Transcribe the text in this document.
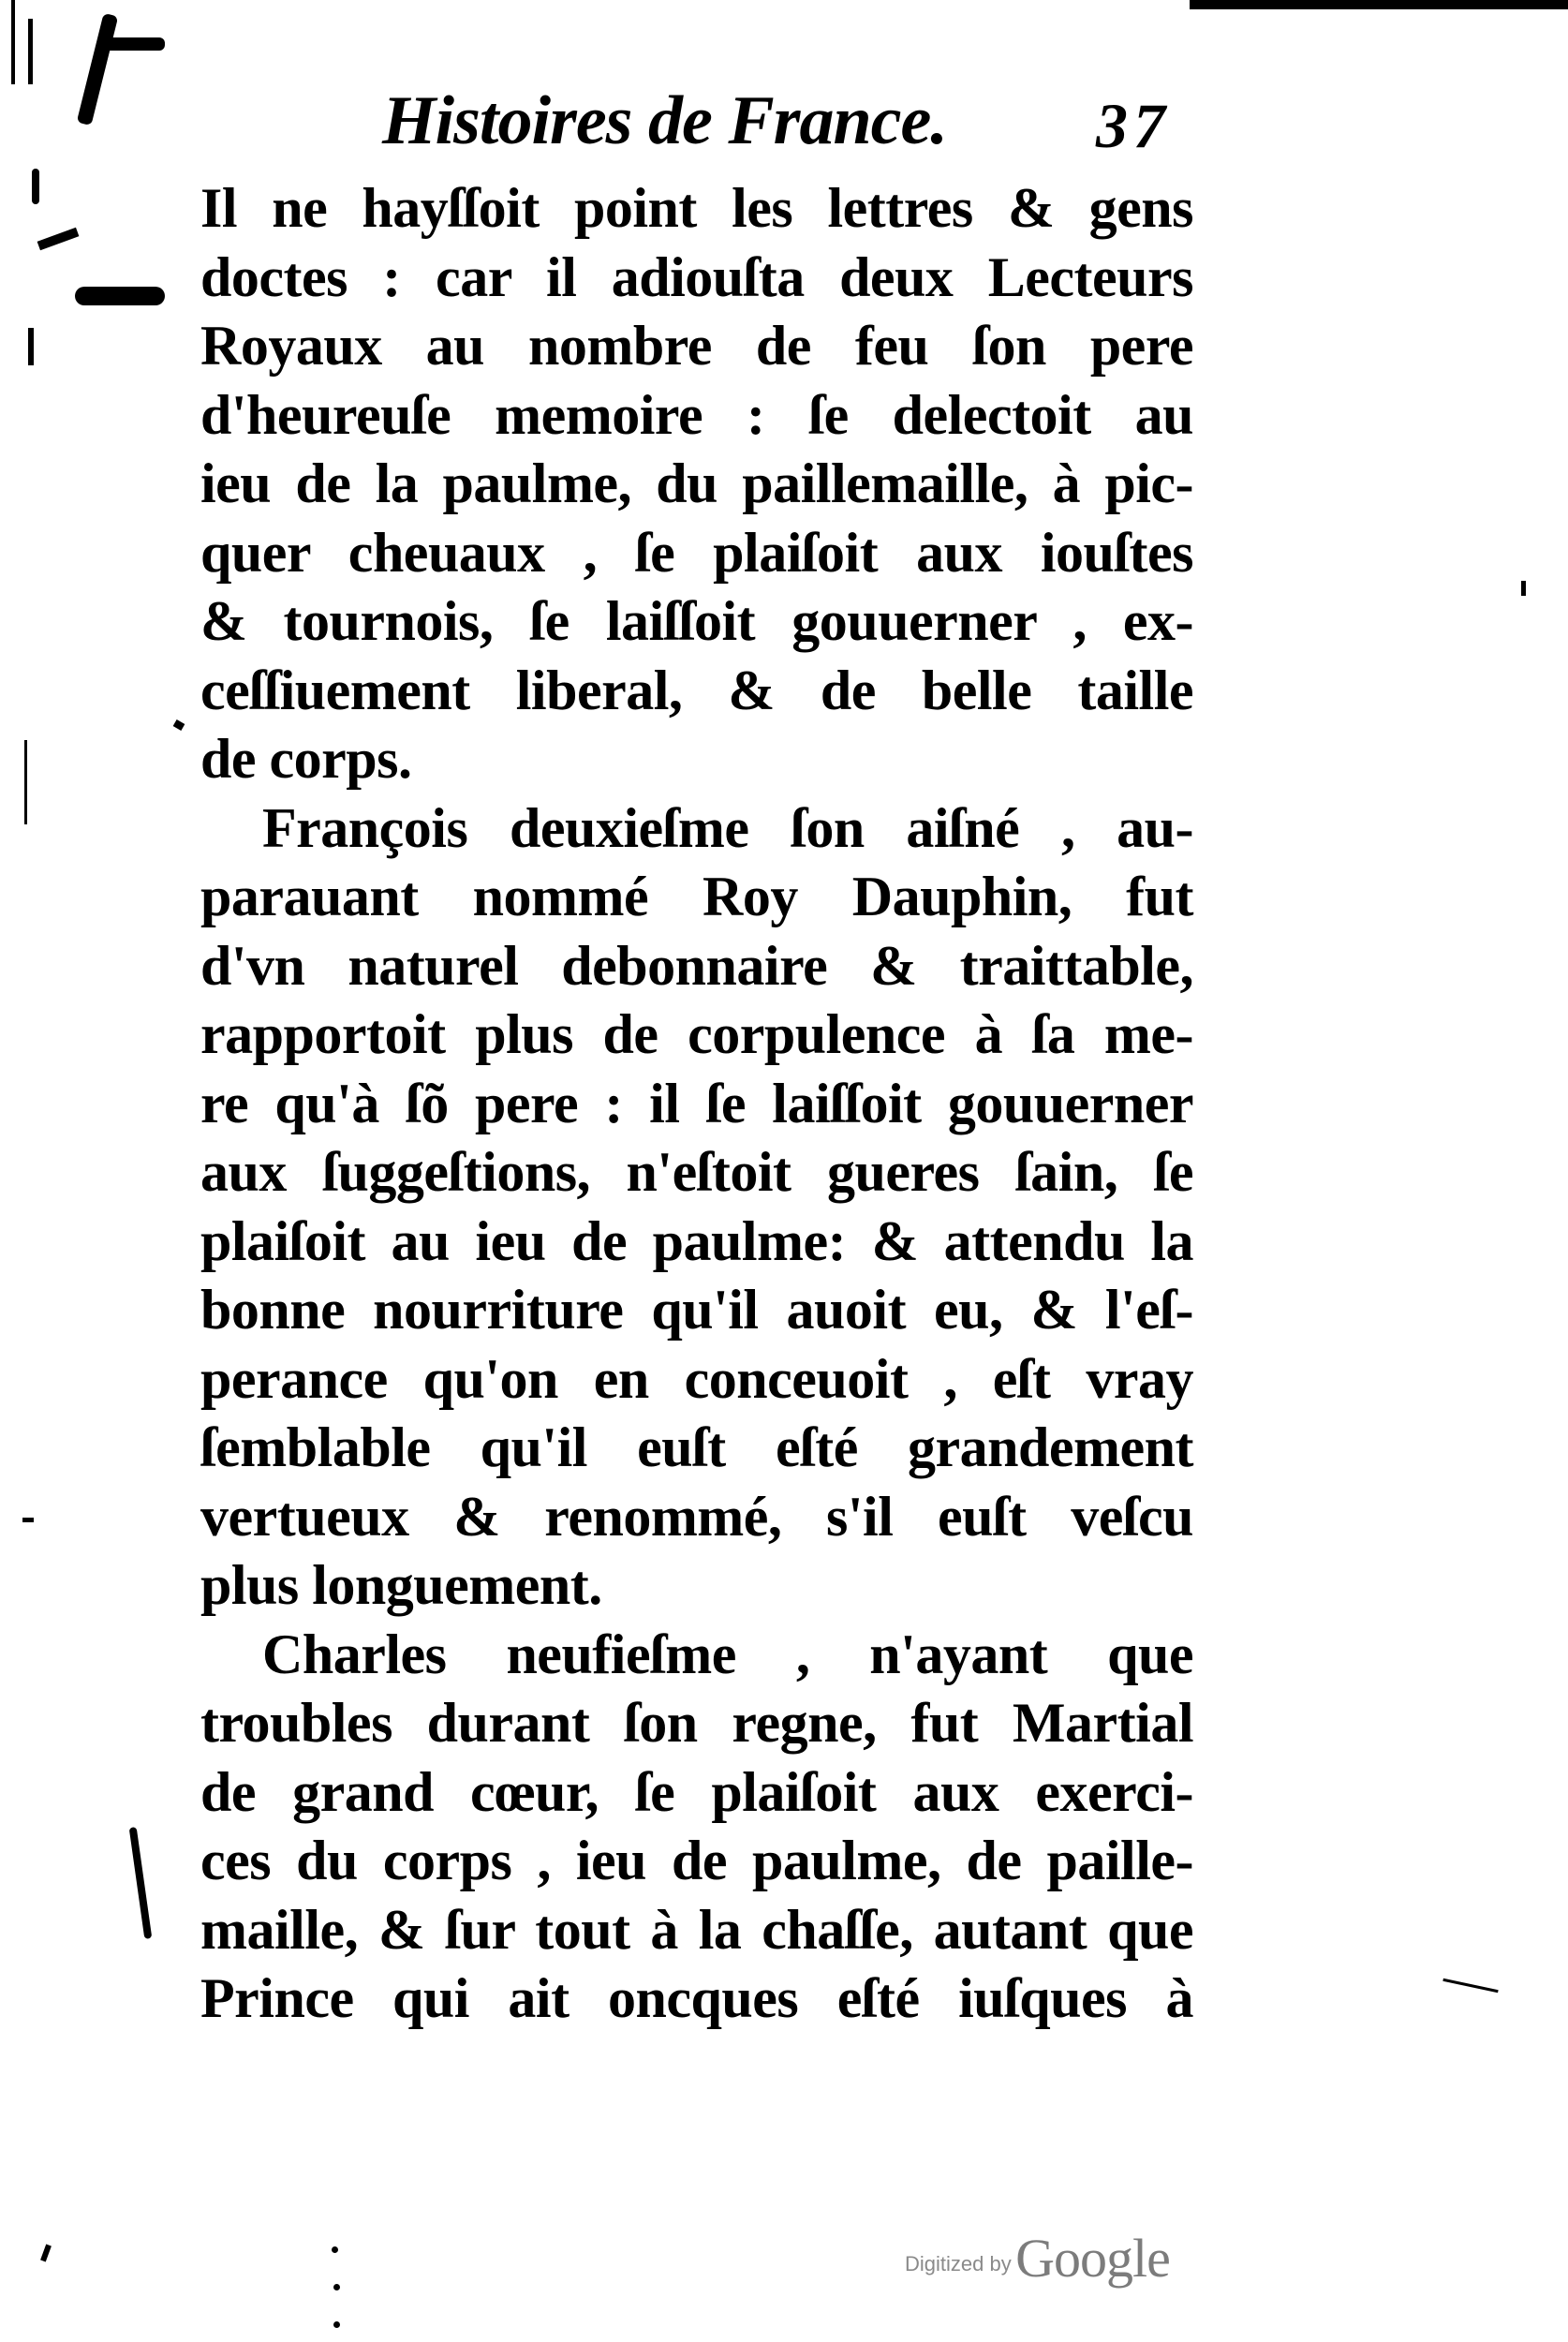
Histoires de France. 37
Il ne hayſſoit point les lettres & gens
doctes : car il adiouſta deux Lecteurs
Royaux au nombre de feu ſon pere
d'heureuſe memoire : ſe delectoit au
ieu de la paulme, du paillemaille, à pic-
quer cheuaux , ſe plaiſoit aux iouſtes
& tournois, ſe laiſſoit gouuerner , ex-
ceſſiuement liberal, & de belle taille
de corps.
François deuxieſme ſon aiſné , au-
parauant nommé Roy Dauphin, fut
d'vn naturel debonnaire & traittable,
rapportoit plus de corpulence à ſa me-
re qu'à ſõ pere : il ſe laiſſoit gouuerner
aux ſuggeſtions, n'eſtoit gueres ſain, ſe
plaiſoit au ieu de paulme: & attendu la
bonne nourriture qu'il auoit eu, & l'eſ-
perance qu'on en conceuoit , eſt vray
ſemblable qu'il euſt eſté grandement
vertueux & renommé, s'il euſt veſcu
plus longuement.
Charles neufieſme , n'ayant que
troubles durant ſon regne, fut Martial
de grand cœur, ſe plaiſoit aux exerci-
ces du corps , ieu de paulme, de paille-
maille, & ſur tout à la chaſſe, autant que
Prince qui ait oncques eſté iuſques à
Digitized by Google
